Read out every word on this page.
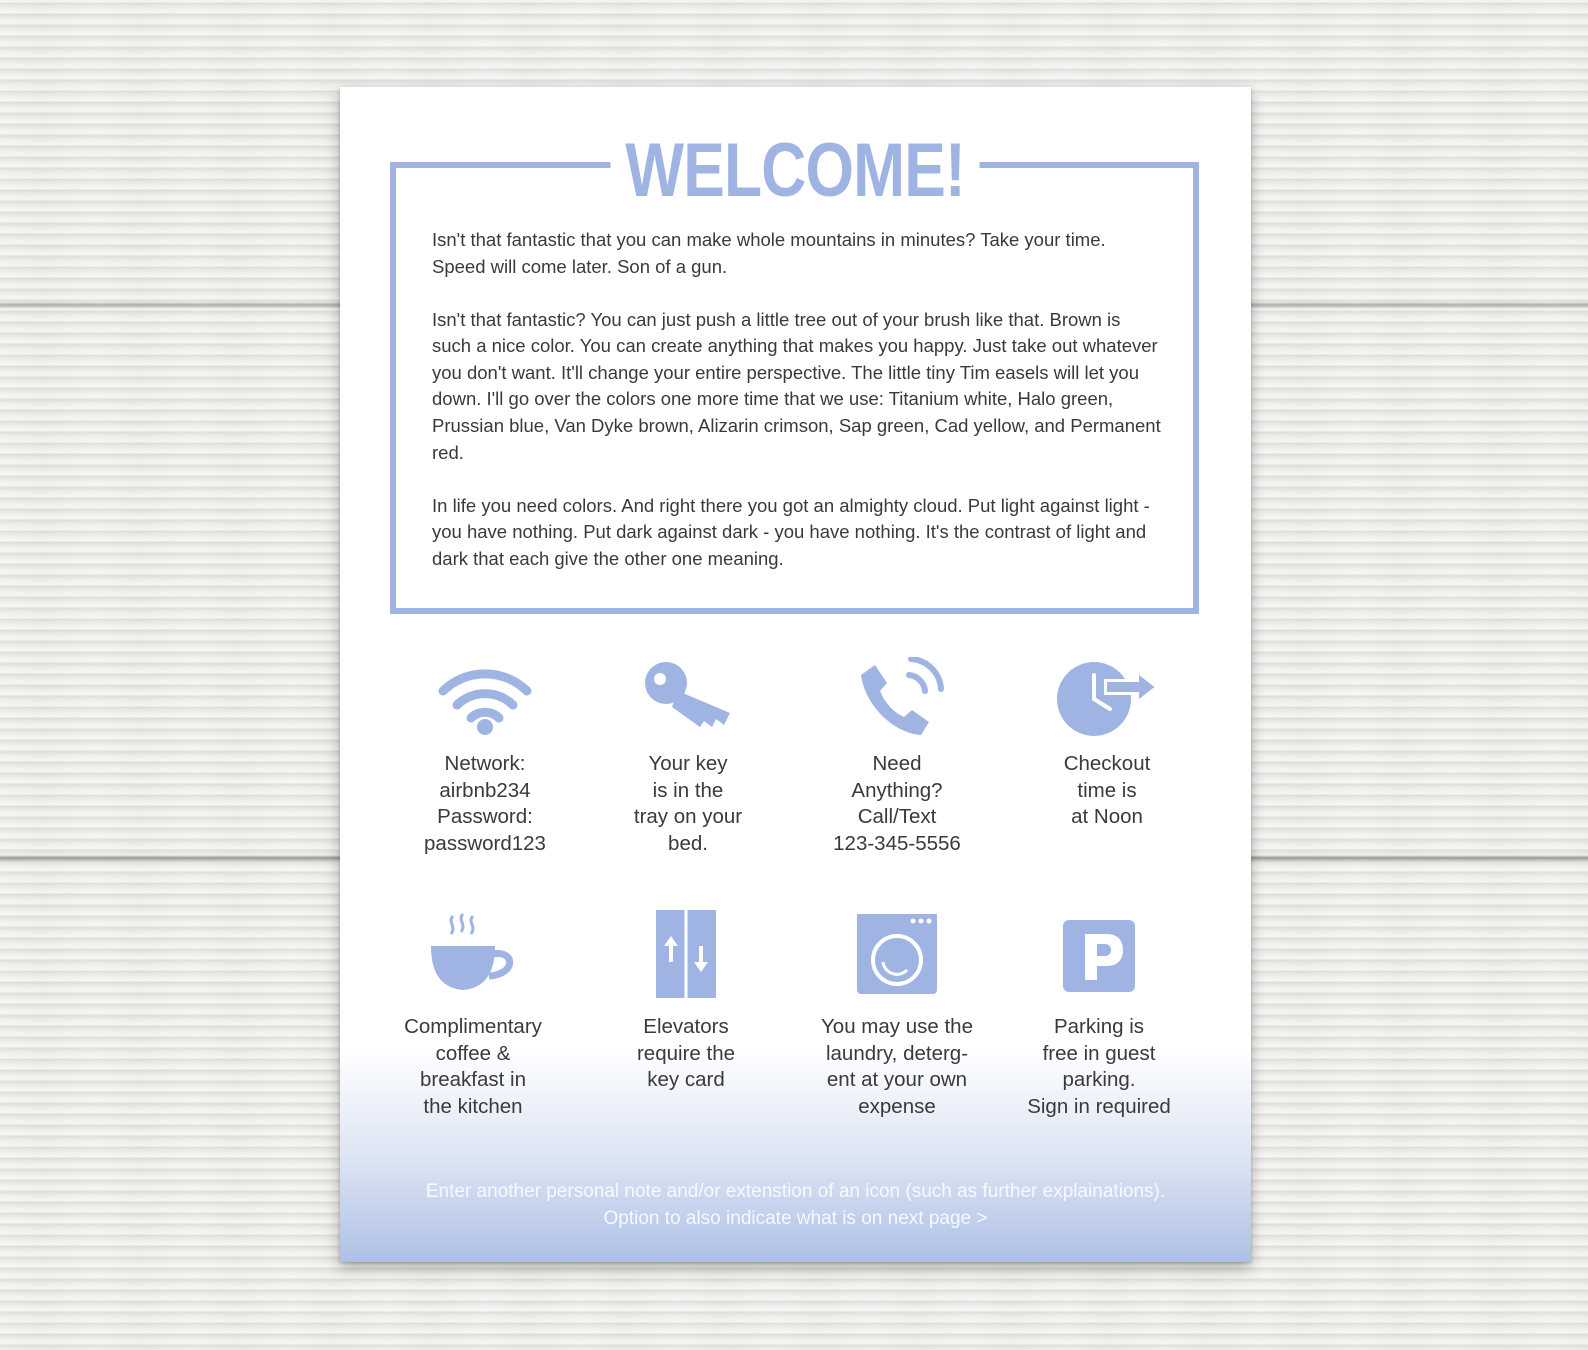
WELCOME!

Isn't that fantastic that you can make whole mountains in minutes? Take your time. Speed will come later. Son of a gun.

Isn't that fantastic? You can just push a little tree out of your brush like that. Brown is such a nice color. You can create anything that makes you happy. Just take out whatever you don't want. It'll change your entire perspective. The little tiny Tim easels will let you down. I'll go over the colors one more time that we use: Titanium white, Halo green, Prussian blue, Van Dyke brown, Alizarin crimson, Sap green, Cad yellow, and Permanent red.

In life you need colors. And right there you got an almighty cloud. Put light against light - you have nothing. Put dark against dark - you have nothing. It's the contrast of light and dark that each give the other one meaning.

Network:
airbnb234
Password:
password123
Your key
is in the
tray on your
bed.
Need
Anything?
Call/Text
123-345-5556
Checkout
time is
at Noon
Complimentary
coffee &
breakfast in
the kitchen
Elevators
require the
key card
You may use the
laundry, deterg-
ent at your own
expense
Parking is
free in guest
parking.
Sign in required
Enter another personal note and/or extenstion of an icon (such as further explainations). Option to also indicate what is on next page >
